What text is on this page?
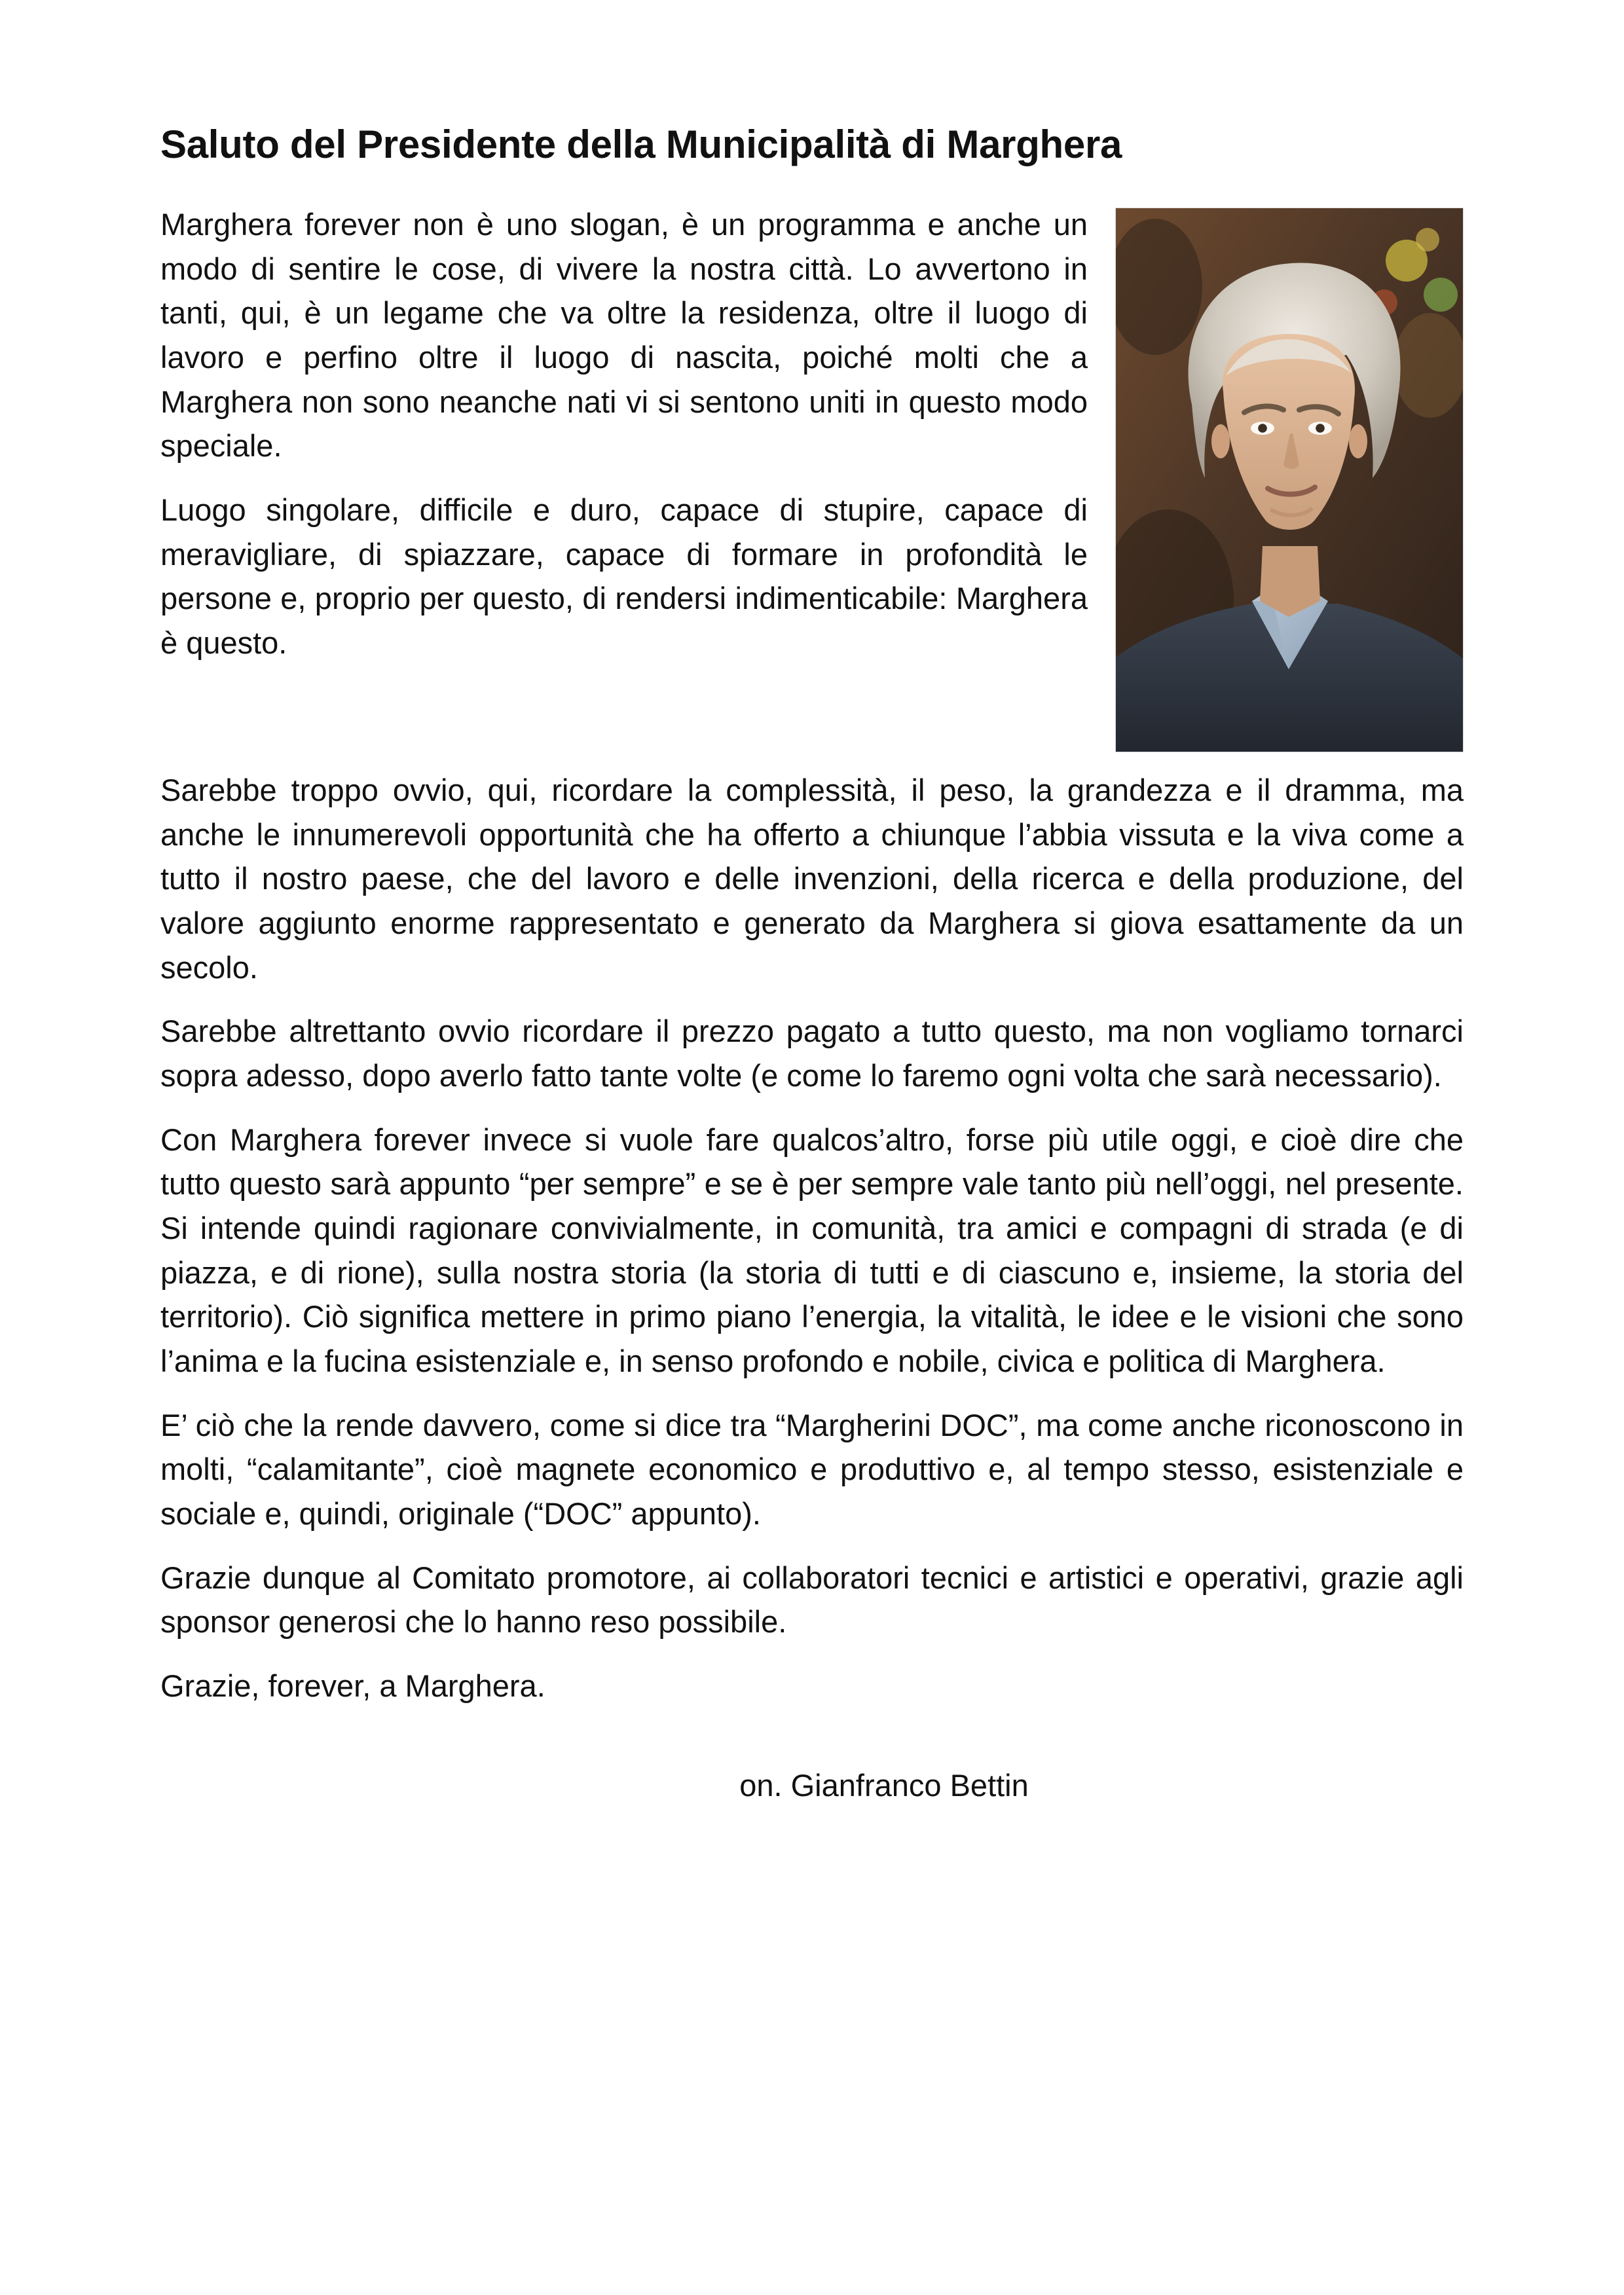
Saluto del Presidente della Municipalità di Marghera

Marghera forever non è uno slogan, è un programma e anche un modo di sentire le cose, di vivere la nostra città. Lo avvertono in tanti, qui, è un legame che va oltre la residenza, oltre il luogo di lavoro e perfino oltre il luogo di nascita, poiché molti che a Marghera non sono neanche nati vi si sentono uniti in questo modo speciale.

Luogo singolare, difficile e duro, capace di stupire, capace di meravigliare, di spiazzare, capace di formare in profondità le persone e, proprio per questo, di rendersi indimenticabile: Marghera è questo.

Sarebbe troppo ovvio, qui, ricordare la complessità, il peso, la grandezza e il dramma, ma anche le innumerevoli opportunità che ha offerto a chiunque l’abbia vissuta e la viva come a tutto il nostro paese, che del lavoro e delle invenzioni, della ricerca e della produzione, del valore aggiunto enorme rappresentato e generato da Marghera si giova esattamente da un secolo.

Sarebbe altrettanto ovvio ricordare il prezzo pagato a tutto questo, ma non vogliamo tornarci sopra adesso, dopo averlo fatto tante volte (e come lo faremo ogni volta che sarà necessario).

Con Marghera forever invece si vuole fare qualcos’altro, forse più utile oggi, e cioè dire che tutto questo sarà appunto “per sempre” e se è per sempre vale tanto più nell’oggi, nel presente. Si intende quindi ragionare convivialmente, in comunità, tra amici e compagni di strada (e di piazza, e di rione), sulla nostra storia (la storia di tutti e di ciascuno e, insieme, la storia del territorio). Ciò significa mettere in primo piano l’energia, la vitalità, le idee e le visioni che sono l’anima e la fucina esistenziale e, in senso profondo e nobile, civica e politica di Marghera.

E’ ciò che la rende davvero, come si dice tra “Margherini DOC”, ma come anche riconoscono in molti, “calamitante”, cioè magnete economico e produttivo e, al tempo stesso, esistenziale e sociale e, quindi, originale (“DOC” appunto).

Grazie dunque al Comitato promotore, ai collaboratori tecnici e artistici e operativi, grazie agli sponsor generosi che lo hanno reso possibile.

Grazie, forever, a Marghera.

on. Gianfranco Bettin
